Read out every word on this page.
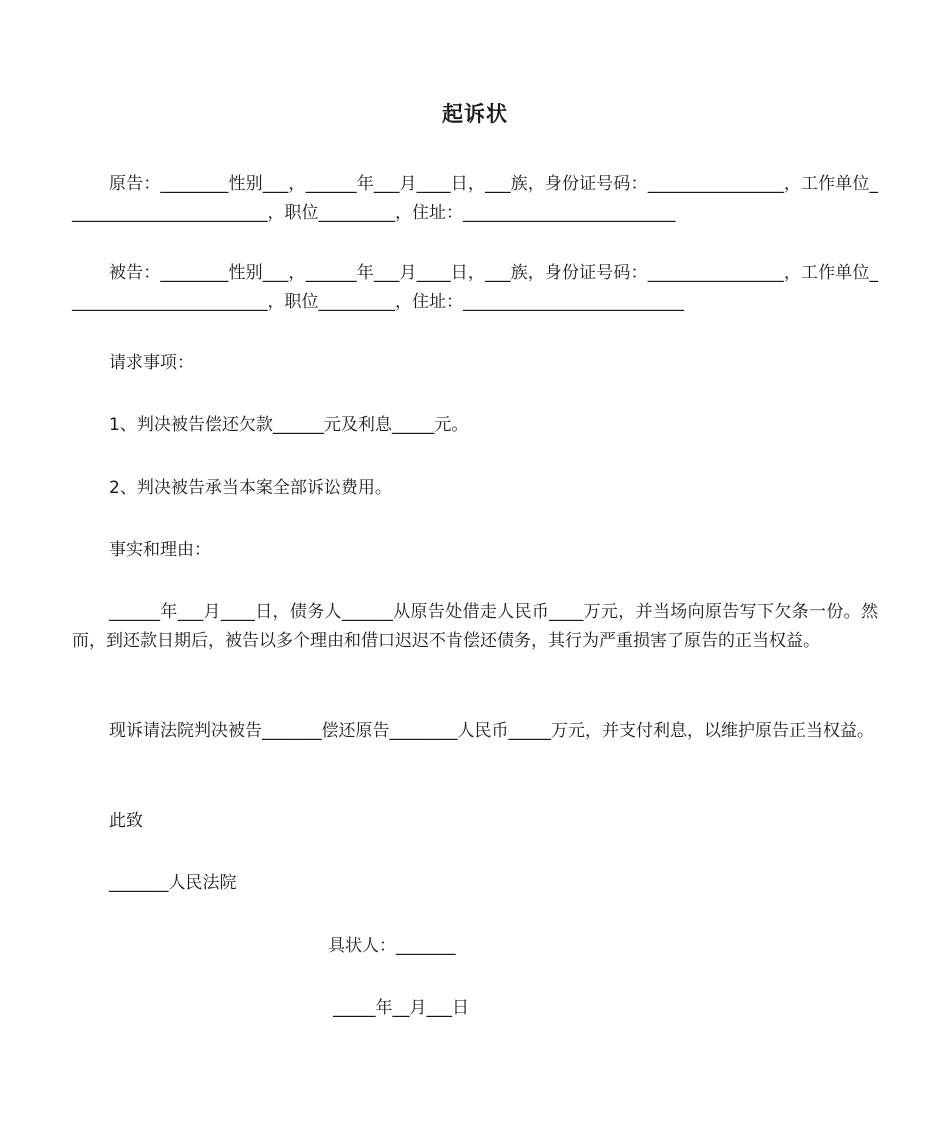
起诉状
原告：________性别___，______年___月____日，___族，身份证号码：________________，工作单位________________________，职位_________，住址：_________________________
被告：________性别___，______年___月____日，___族，身份证号码：________________，工作单位________________________，职位_________，住址：__________________________
请求事项：
1、判决被告偿还欠款______元及利息_____元。
2、判决被告承当本案全部诉讼费用。
事实和理由：
______年___月____日，债务人______从原告处借走人民币____万元，并当场向原告写下欠条一份。然而，到还款日期后，被告以多个理由和借口迟迟不肯偿还债务，其行为严重损害了原告的正当权益。
现诉请法院判决被告_______偿还原告________人民币_____万元，并支付利息，以维护原告正当权益。
此致
_______人民法院
具状人：_______
_____年__月___日
